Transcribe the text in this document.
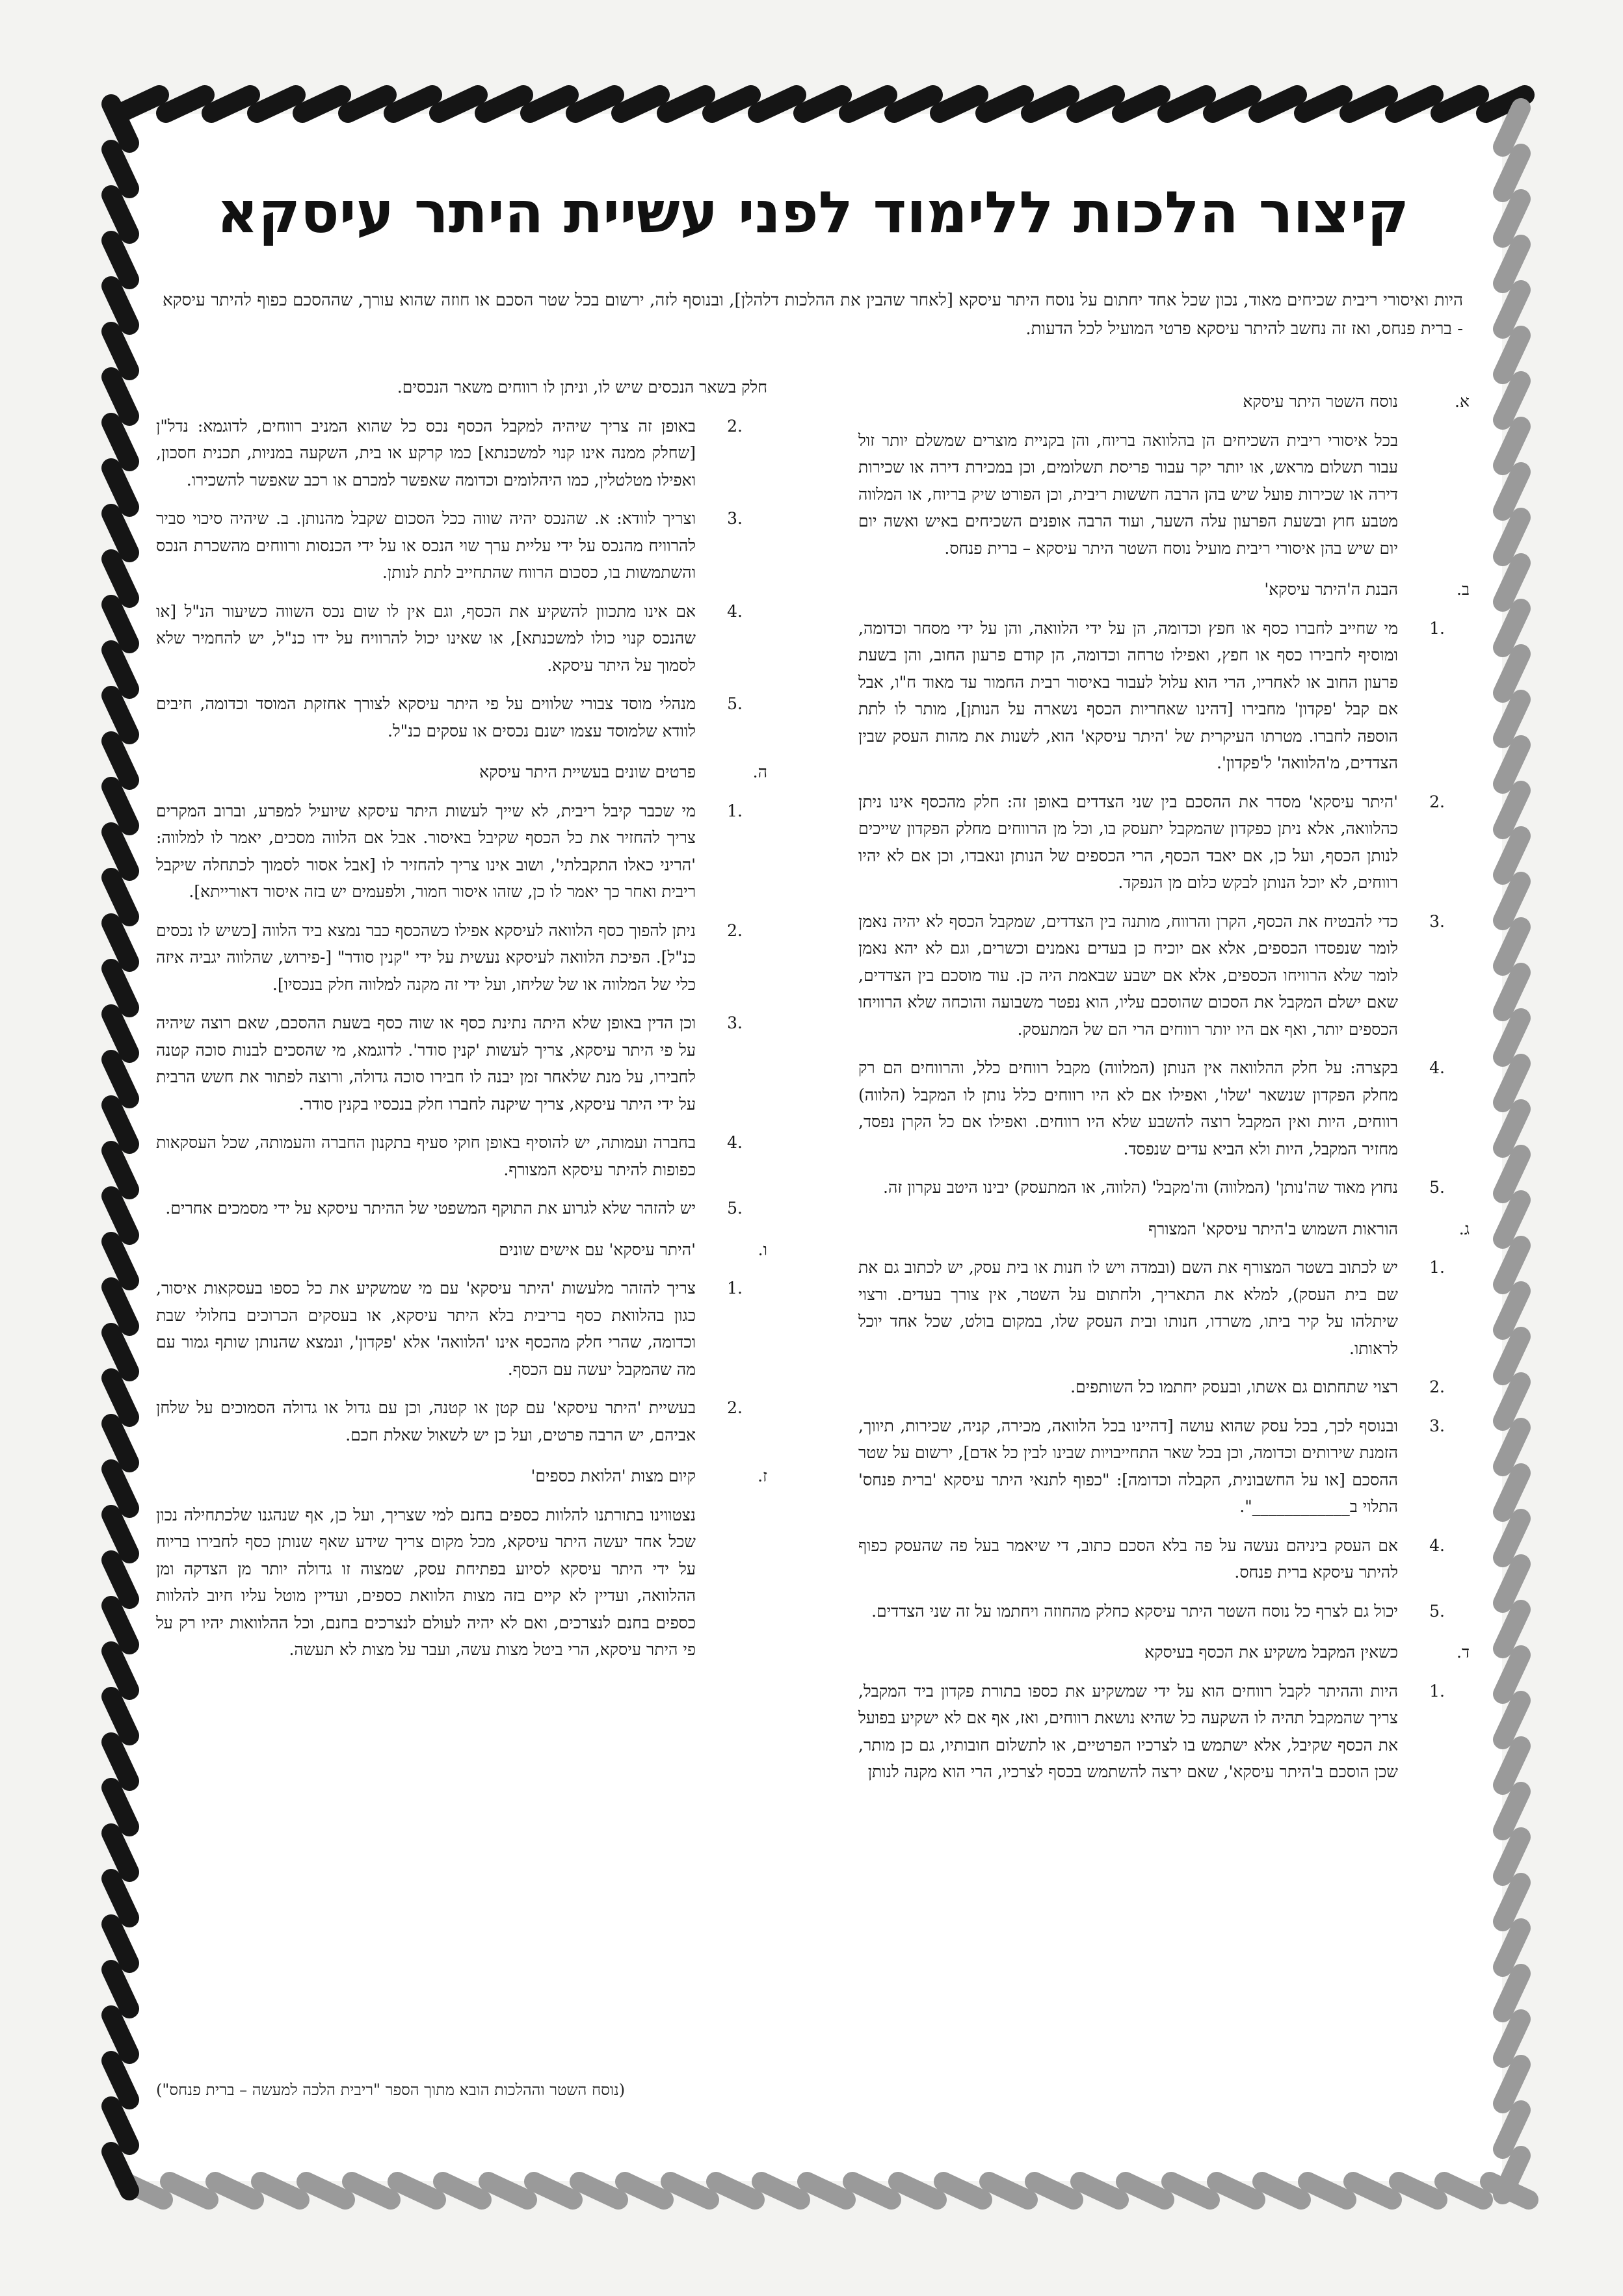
קיצור הלכות ללימוד לפני עשיית היתר עיסקא

היות ואיסורי ריבית שכיחים מאוד, נכון שכל אחד יחתום על נוסח היתר עיסקא [לאחר שהבין את ההלכות דלהלן], ובנוסף לזה, ירשום בכל שטר הסכם או חוזה שהוא עורך, שההסכם כפוף להיתר עיסקא - ברית פנחס, ואז זה נחשב להיתר עיסקא פרטי המועיל לכל הדעות.

א.
נוסח השטר היתר עיסקא

בכל איסורי ריבית השכיחים הן בהלוואה בריוח, והן בקניית מוצרים שמשלם יותר זול עבור תשלום מראש, או יותר יקר עבור פריסת תשלומים, וכן במכירת דירה או שכירות דירה או שכירות פועל שיש בהן הרבה חששות ריבית, וכן הפורט שיק בריוח, או המלווה מטבע חוץ ובשעת הפרעון עלה השער, ועוד הרבה אופנים השכיחים באיש ואשה יום יום שיש בהן איסורי ריבית מועיל נוסח השטר היתר עיסקא – ברית פנחס.

ב.
הבנת ה'היתר עיסקא'
1.

מי שחייב לחברו כסף או חפץ וכדומה, הן על ידי הלוואה, והן על ידי מסחר וכדומה, ומוסיף לחבירו כסף או חפץ, ואפילו טרחה וכדומה, הן קודם פרעון החוב, והן בשעת פרעון החוב או לאחריו, הרי הוא עלול לעבור באיסור רבית החמור עד מאוד ח"ו, אבל אם קבל 'פקדון' מחבירו [דהינו שאחריות הכסף נשארה על הנותן], מותר לו לתת הוספה לחברו. מטרתו העיקרית של 'היתר עיסקא' הוא, לשנות את מהות העסק שבין הצדדים, מ'הלוואה' ל'פקדון'.

2.

'היתר עיסקא' מסדר את ההסכם בין שני הצדדים באופן זה: חלק מהכסף אינו ניתן כהלוואה, אלא ניתן כפקדון שהמקבל יתעסק בו, וכל מן הרווחים מחלק הפקדון שייכים לנותן הכסף, ועל כן, אם יאבד הכסף, הרי הכספים של הנותן ונאבדו, וכן אם לא יהיו רווחים, לא יוכל הנותן לבקש כלום מן הנפקד.

3.

כדי להבטיח את הכסף, הקרן והרווח, מותנה בין הצדדים, שמקבל הכסף לא יהיה נאמן לומר שנפסדו הכספים, אלא אם יוכיח כן בעדים נאמנים וכשרים, וגם לא יהא נאמן לומר שלא הרוויחו הכספים, אלא אם ישבע שבאמת היה כן. עוד מוסכם בין הצדדים, שאם ישלם המקבל את הסכום שהוסכם עליו, הוא נפטר משבועה והוכחה שלא הרוויחו הכספים יותר, ואף אם היו יותר רווחים הרי הם של המתעסק.

4.

בקצרה: על חלק ההלוואה אין הנותן (המלווה) מקבל רווחים כלל, והרווחים הם רק מחלק הפקדון שנשאר 'שלו', ואפילו אם לא היו רווחים כלל נותן לו המקבל (הלווה) רווחים, היות ואין המקבל רוצה להשבע שלא היו רווחים. ואפילו אם כל הקרן נפסד, מחזיר המקבל, היות ולא הביא עדים שנפסד.

5.

נחוץ מאוד שה'נותן' (המלווה) וה'מקבל' (הלווה, או המתעסק) יבינו היטב עקרון זה.

ג.
הוראות השמוש ב'היתר עיסקא' המצורף
1.

יש לכתוב בשטר המצורף את השם (ובמדה ויש לו חנות או בית עסק, יש לכתוב גם את שם בית העסק), למלא את התאריך, ולחתום על השטר, אין צורך בעדים. ורצוי שיתלהו על קיר ביתו, משרדו, חנותו ובית העסק שלו, במקום בולט, שכל אחד יוכל לראותו.

2.

רצוי שתחתום גם אשתו, ובעסק יחתמו כל השותפים.

3.

ובנוסף לכך, בכל עסק שהוא עושה [דהיינו בכל הלוואה, מכירה, קניה, שכירות, תיווך, הזמנת שירותים וכדומה, וכן בכל שאר התחייבויות שבינו לבין כל אדם], ירשום על שטר ההסכם [או על החשבונית, הקבלה וכדומה]: "כפוף לתנאי היתר עיסקא 'ברית פנחס' התלוי ב____________".

4.

אם העסק ביניהם נעשה על פה בלא הסכם כתוב, די שיאמר בעל פה שהעסק כפוף להיתר עיסקא ברית פנחס.

5.

יכול גם לצרף כל נוסח השטר היתר עיסקא כחלק מהחוזה ויחתמו על זה שני הצדדים.

ד.
כשאין המקבל משקיע את הכסף בעיסקא
1.

היות וההיתר לקבל רווחים הוא על ידי שמשקיע את כספו בתורת פקדון ביד המקבל, צריך שהמקבל תהיה לו השקעה כל שהיא נושאת רווחים, ואז, אף אם לא ישקיע בפועל את הכסף שקיבל, אלא ישתמש בו לצרכיו הפרטיים, או לתשלום חובותיו, גם כן מותר, שכן הוסכם ב'היתר עיסקא', שאם ירצה להשתמש בכסף לצרכיו, הרי הוא מקנה לנותן

חלק בשאר הנכסים שיש לו, וניתן לו רווחים משאר הנכסים.

2.

באופן זה צריך שיהיה למקבל הכסף נכס כל שהוא המניב רווחים, לדוגמא: נדל"ן [שחלק ממנה אינו קנוי למשכנתא] כמו קרקע או בית, השקעה במניות, תכנית חסכון, ואפילו מטלטלין, כמו היהלומים וכדומה שאפשר למכרם או רכב שאפשר להשכירו.

3.

וצריך לוודא: א. שהנכס יהיה שווה ככל הסכום שקבל מהנותן. ב. שיהיה סיכוי סביר להרוויח מהנכס על ידי עליית ערך שוי הנכס או על ידי הכנסות ורווחים מהשכרת הנכס והשתמשות בו, כסכום הרווח שהתחייב לתת לנותן.

4.

אם אינו מתכוון להשקיע את הכסף, וגם אין לו שום נכס השווה כשיעור הנ"ל [או שהנכס קנוי כולו למשכנתא], או שאינו יכול להרוויח על ידו כנ"ל, יש להחמיר שלא לסמוך על היתר עיסקא.

5.

מנהלי מוסד צבורי שלווים על פי היתר עיסקא לצורך אחזקת המוסד וכדומה, חיבים לוודא שלמוסד עצמו ישנם נכסים או עסקים כנ"ל.

ה.
פרטים שונים בעשיית היתר עיסקא
1.

מי שכבר קיבל ריבית, לא שייך לעשות היתר עיסקא שיועיל למפרע, וברוב המקרים צריך להחזיר את כל הכסף שקיבל באיסור. אבל אם הלווה מסכים, יאמר לו למלווה: 'הריני כאלו התקבלתי', ושוב אינו צריך להחזיר לו [אבל אסור לסמוך לכתחלה שיקבל ריבית ואחר כך יאמר לו כן, שזהו איסור חמור, ולפעמים יש בזה איסור דאורייתא].

2.

ניתן להפוך כסף הלוואה לעיסקא אפילו כשהכסף כבר נמצא ביד הלווה [כשיש לו נכסים כנ"ל]. הפיכת הלוואה לעיסקא נעשית על ידי "קנין סודר" [-פירוש, שהלווה יגביה איזה כלי של המלווה או של שליחו, ועל ידי זה מקנה למלווה חלק בנכסיו].

3.

וכן הדין באופן שלא היתה נתינת כסף או שוה כסף בשעת ההסכם, שאם רוצה שיהיה על פי היתר עיסקא, צריך לעשות 'קנין סודר'. לדוגמא, מי שהסכים לבנות סוכה קטנה לחבירו, על מנת שלאחר זמן יבנה לו חבירו סוכה גדולה, ורוצה לפתור את חשש הרבית על ידי היתר עיסקא, צריך שיקנה לחברו חלק בנכסיו בקנין סודר.

4.

בחברה ועמותה, יש להוסיף באופן חוקי סעיף בתקנון החברה והעמותה, שכל העסקאות כפופות להיתר עיסקא המצורף.

5.

יש להזהר שלא לגרוע את התוקף המשפטי של ההיתר עיסקא על ידי מסמכים אחרים.

ו.
'היתר עיסקא' עם אישים שונים
1.

צריך להזהר מלעשות 'היתר עיסקא' עם מי שמשקיע את כל כספו בעסקאות איסור, כגון בהלוואת כסף בריבית בלא היתר עיסקא, או בעסקים הכרוכים בחלולי שבת וכדומה, שהרי חלק מהכסף אינו 'הלוואה' אלא 'פקדון', ונמצא שהנותן שותף גמור עם מה שהמקבל יעשה עם הכסף.

2.

בעשיית 'היתר עיסקא' עם קטן או קטנה, וכן עם גדול או גדולה הסמוכים על שלחן אביהם, יש הרבה פרטים, ועל כן יש לשאול שאלת חכם.

ז.
קיום מצות 'הלואת כספים'

נצטווינו בתורתנו להלוות כספים בחנם למי שצריך, ועל כן, אף שנהגנו שלכתחילה נכון שכל אחד יעשה היתר עיסקא, מכל מקום צריך שידע שאף שנותן כסף לחבירו בריוח על ידי היתר עיסקא לסיוע בפתיחת עסק, שמצוה זו גדולה יותר מן הצדקה ומן ההלוואה, ועדיין לא קיים בזה מצות הלוואת כספים, ועדיין מוטל עליו חיוב להלוות כספים בחנם לנצרכים, ואם לא יהיה לעולם לנצרכים בחנם, וכל ההלוואות יהיו רק על פי היתר עיסקא, הרי ביטל מצות עשה, ועבר על מצות לא תעשה.

(נוסח השטר וההלכות הובא מתוך הספר "ריבית הלכה למעשה – ברית פנחס")
